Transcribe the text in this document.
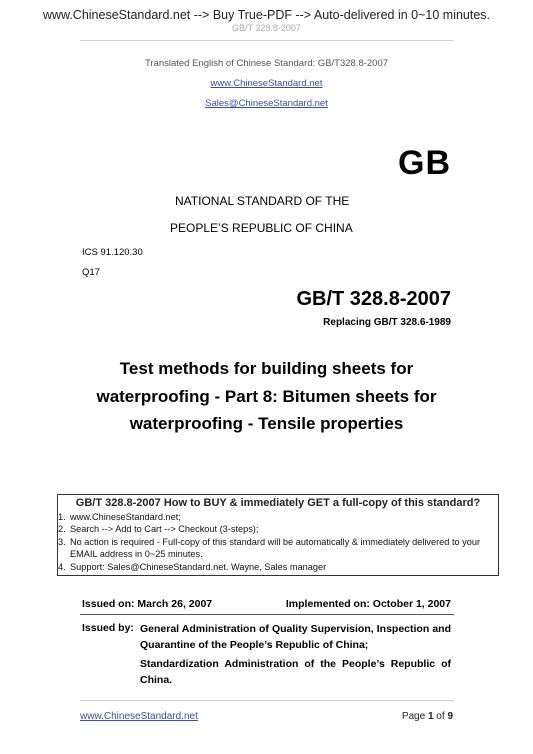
www.ChineseStandard.net --> Buy True-PDF --> Auto-delivered in 0~10 minutes.
GB/T 328.8-2007
Translated English of Chinese Standard: GB/T328.8-2007
www.ChineseStandard.net
Sales@ChineseStandard.net
GB
NATIONAL STANDARD OF THE
PEOPLE’S REPUBLIC OF CHINA
ICS 91.120.30
Q17
GB/T 328.8-2007
Replacing GB/T 328.6-1989
Test methods for building sheets for
waterproofing - Part 8: Bitumen sheets for
waterproofing - Tensile properties
GB/T 328.8-2007 How to BUY & immediately GET a full-copy of this standard?
1. www.ChineseStandard.net;
2. Search --> Add to Cart --> Checkout (3-steps);
3. No action is required - Full-copy of this standard will be automatically & immediately delivered to your EMAIL address in 0~25 minutes.
4. Support: Sales@ChineseStandard.net. Wayne, Sales manager
Issued on: March 26, 2007	Implemented on: October 1, 2007
Issued by: General Administration of Quality Supervision, Inspection and Quarantine of the People’s Republic of China;
Standardization Administration of the People’s Republic of China.
www.ChineseStandard.net	Page 1 of 9
